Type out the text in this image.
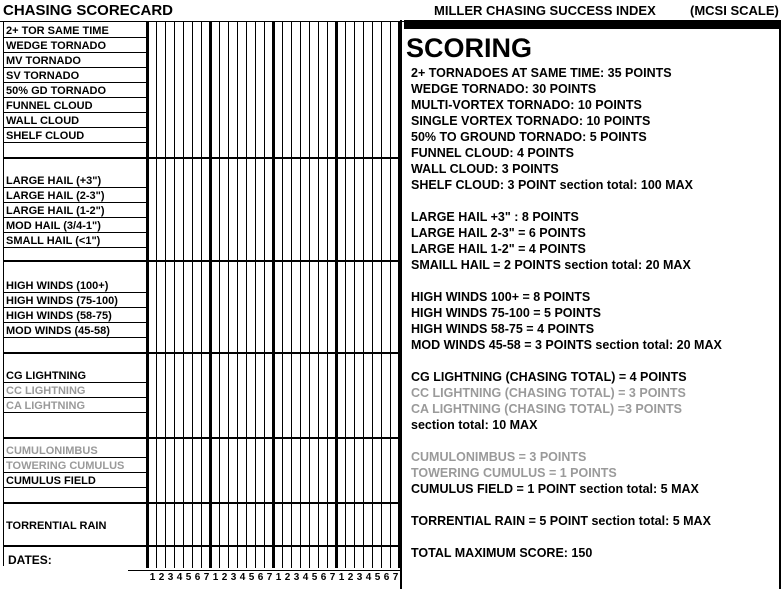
CHASING SCORECARD	MILLER CHASING SUCCESS INDEX	(MCSI SCALE)
2+ TOR SAME TIME
WEDGE TORNADO
MV TORNADO
SV TORNADO
50% GD TORNADO
FUNNEL CLOUD
WALL CLOUD
SHELF CLOUD
LARGE HAIL (+3")
LARGE HAIL (2-3")
LARGE HAIL (1-2")
MOD HAIL (3/4-1")
SMALL HAIL (<1")
HIGH WINDS (100+)
HIGH WINDS (75-100)
HIGH WINDS (58-75)
MOD WINDS (45-58)
CG LIGHTNING
CC LIGHTNING
CA LIGHTNING
CUMULONIMBUS
TOWERING CUMULUS
CUMULUS FIELD
TORRENTIAL RAIN
DATES:
SCORING
2+ TORNADOES AT SAME TIME: 35 POINTS
WEDGE TORNADO: 30 POINTS
MULTI-VORTEX TORNADO: 10 POINTS
SINGLE VORTEX TORNADO: 10 POINTS
50% TO GROUND TORNADO: 5 POINTS
FUNNEL CLOUD: 4 POINTS
WALL CLOUD: 3 POINTS
SHELF CLOUD: 3 POINT section total: 100 MAX
LARGE HAIL +3" : 8 POINTS
LARGE HAIL 2-3" = 6 POINTS
LARGE HAIL 1-2" = 4 POINTS
SMAILL HAIL = 2 POINTS section total: 20 MAX
HIGH WINDS 100+ = 8 POINTS
HIGH WINDS 75-100 = 5 POINTS
HIGH WINDS 58-75 = 4 POINTS
MOD WINDS 45-58 = 3 POINTS section total: 20 MAX
CG LIGHTNING (CHASING TOTAL) = 4 POINTS
CC LIGHTNING (CHASING TOTAL) = 3 POINTS
CA LIGHTNING (CHASING TOTAL) =3 POINTS
section total: 10 MAX
CUMULONIMBUS = 3 POINTS
TOWERING CUMULUS = 1 POINTS
CUMULUS FIELD = 1 POINT section total: 5 MAX
TORRENTIAL RAIN = 5 POINT section total: 5 MAX
TOTAL MAXIMUM SCORE: 150
1 2 3 4 5 6 7 1 2 3 4 5 6 7 1 2 3 4 5 6 7 1 2 3 4 5 6 7
